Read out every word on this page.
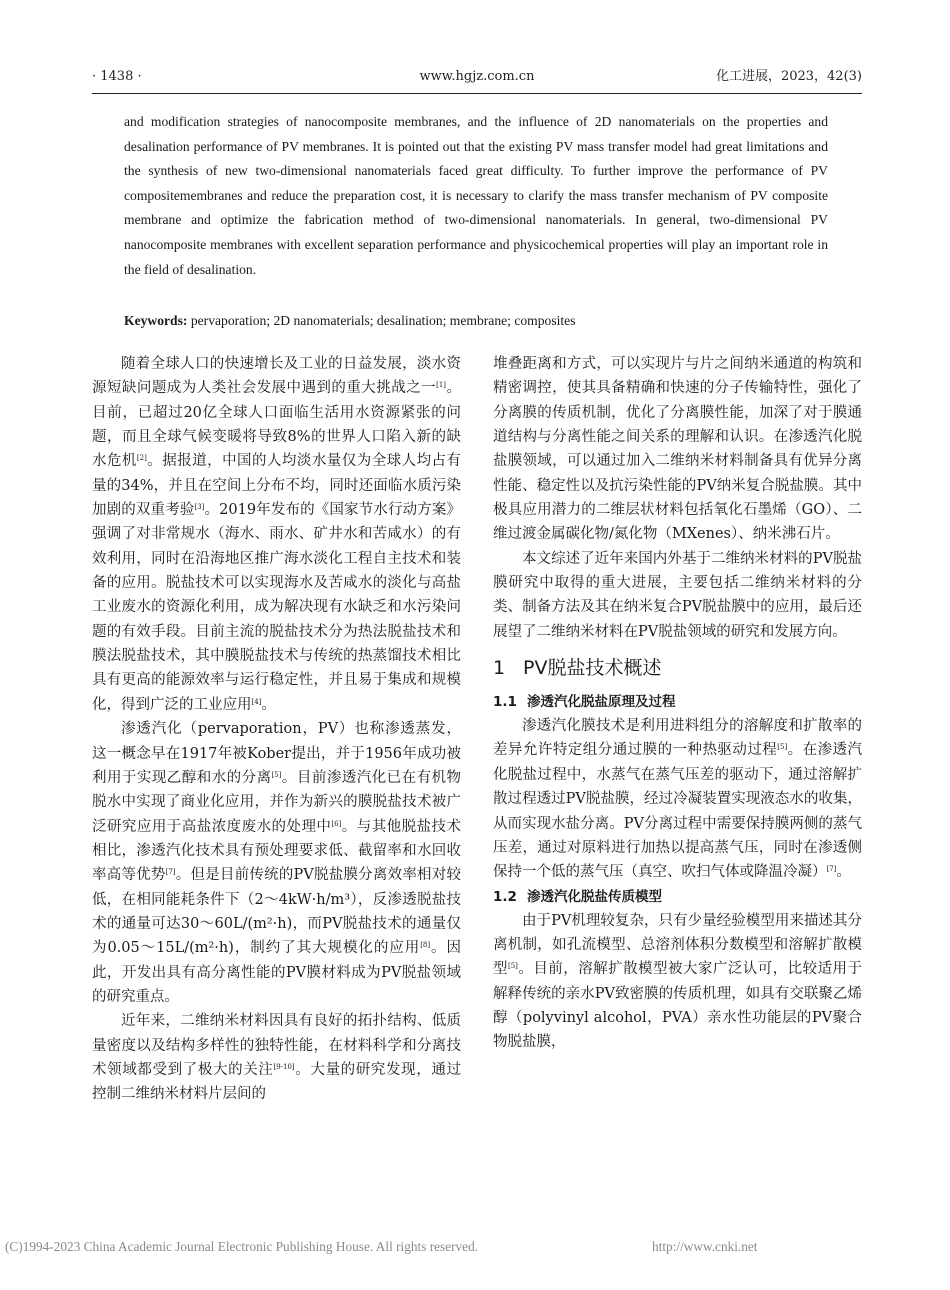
· 1438 ·	www.hgjz.com.cn	化工进展，2023，42(3)
and modification strategies of nanocomposite membranes, and the influence of 2D nanomaterials on the properties and desalination performance of PV membranes. It is pointed out that the existing PV mass transfer model had great limitations and the synthesis of new two-dimensional nanomaterials faced great difficulty. To further improve the performance of PV compositemembranes and reduce the preparation cost, it is necessary to clarify the mass transfer mechanism of PV composite membrane and optimize the fabrication method of two-dimensional nanomaterials. In general, two-dimensional PV nanocomposite membranes with excellent separation performance and physicochemical properties will play an important role in the field of desalination.
Keywords: pervaporation; 2D nanomaterials; desalination; membrane; composites

随着全球人口的快速增长及工业的日益发展，淡水资源短缺问题成为人类社会发展中遇到的重大挑战之一[1]。目前，已超过20亿全球人口面临生活用水资源紧张的问题，而且全球气候变暖将导致8%的世界人口陷入新的缺水危机[2]。据报道，中国的人均淡水量仅为全球人均占有量的34%，并且在空间上分布不均，同时还面临水质污染加剧的双重考验[3]。2019年发布的《国家节水行动方案》强调了对非常规水（海水、雨水、矿井水和苦咸水）的有效利用，同时在沿海地区推广海水淡化工程自主技术和装备的应用。脱盐技术可以实现海水及苦咸水的淡化与高盐工业废水的资源化利用，成为解决现有水缺乏和水污染问题的有效手段。目前主流的脱盐技术分为热法脱盐技术和膜法脱盐技术，其中膜脱盐技术与传统的热蒸馏技术相比具有更高的能源效率与运行稳定性，并且易于集成和规模化，得到广泛的工业应用[4]。

渗透汽化（pervaporation，PV）也称渗透蒸发，这一概念早在1917年被Kober提出，并于1956年成功被利用于实现乙醇和水的分离[5]。目前渗透汽化已在有机物脱水中实现了商业化应用，并作为新兴的膜脱盐技术被广泛研究应用于高盐浓度废水的处理中[6]。与其他脱盐技术相比，渗透汽化技术具有预处理要求低、截留率和水回收率高等优势[7]。但是目前传统的PV脱盐膜分离效率相对较低，在相同能耗条件下（2～4kW·h/m³），反渗透脱盐技术的通量可达30～60L/(m²·h)，而PV脱盐技术的通量仅为0.05～15L/(m²·h)，制约了其大规模化的应用[8]。因此，开发出具有高分离性能的PV膜材料成为PV脱盐领域的研究重点。

近年来，二维纳米材料因具有良好的拓扑结构、低质量密度以及结构多样性的独特性能，在材料科学和分离技术领域都受到了极大的关注[9-10]。大量的研究发现，通过控制二维纳米材料片层间的

堆叠距离和方式，可以实现片与片之间纳米通道的构筑和精密调控，使其具备精确和快速的分子传输特性，强化了分离膜的传质机制，优化了分离膜性能，加深了对于膜通道结构与分离性能之间关系的理解和认识。在渗透汽化脱盐膜领域，可以通过加入二维纳米材料制备具有优异分离性能、稳定性以及抗污染性能的PV纳米复合脱盐膜。其中极具应用潜力的二维层状材料包括氧化石墨烯（GO）、二维过渡金属碳化物/氮化物（MXenes）、纳米沸石片。

本文综述了近年来国内外基于二维纳米材料的PV脱盐膜研究中取得的重大进展，主要包括二维纳米材料的分类、制备方法及其在纳米复合PV脱盐膜中的应用，最后还展望了二维纳米材料在PV脱盐领域的研究和发展方向。

1 PV脱盐技术概述
1.1 渗透汽化脱盐原理及过程

渗透汽化膜技术是利用进料组分的溶解度和扩散率的差异允许特定组分通过膜的一种热驱动过程[5]。在渗透汽化脱盐过程中，水蒸气在蒸气压差的驱动下，通过溶解扩散过程透过PV脱盐膜，经过冷凝装置实现液态水的收集，从而实现水盐分离。PV分离过程中需要保持膜两侧的蒸气压差，通过对原料进行加热以提高蒸气压，同时在渗透侧保持一个低的蒸气压（真空、吹扫气体或降温冷凝）[7]。

1.2 渗透汽化脱盐传质模型

由于PV机理较复杂，只有少量经验模型用来描述其分离机制，如孔流模型、总溶剂体积分数模型和溶解扩散模型[5]。目前，溶解扩散模型被大家广泛认可，比较适用于解释传统的亲水PV致密膜的传质机理，如具有交联聚乙烯醇（polyvinyl alcohol，PVA）亲水性功能层的PV聚合物脱盐膜，

(C)1994-2023 China Academic Journal Electronic Publishing House. All rights reserved.	http://www.cnki.net
